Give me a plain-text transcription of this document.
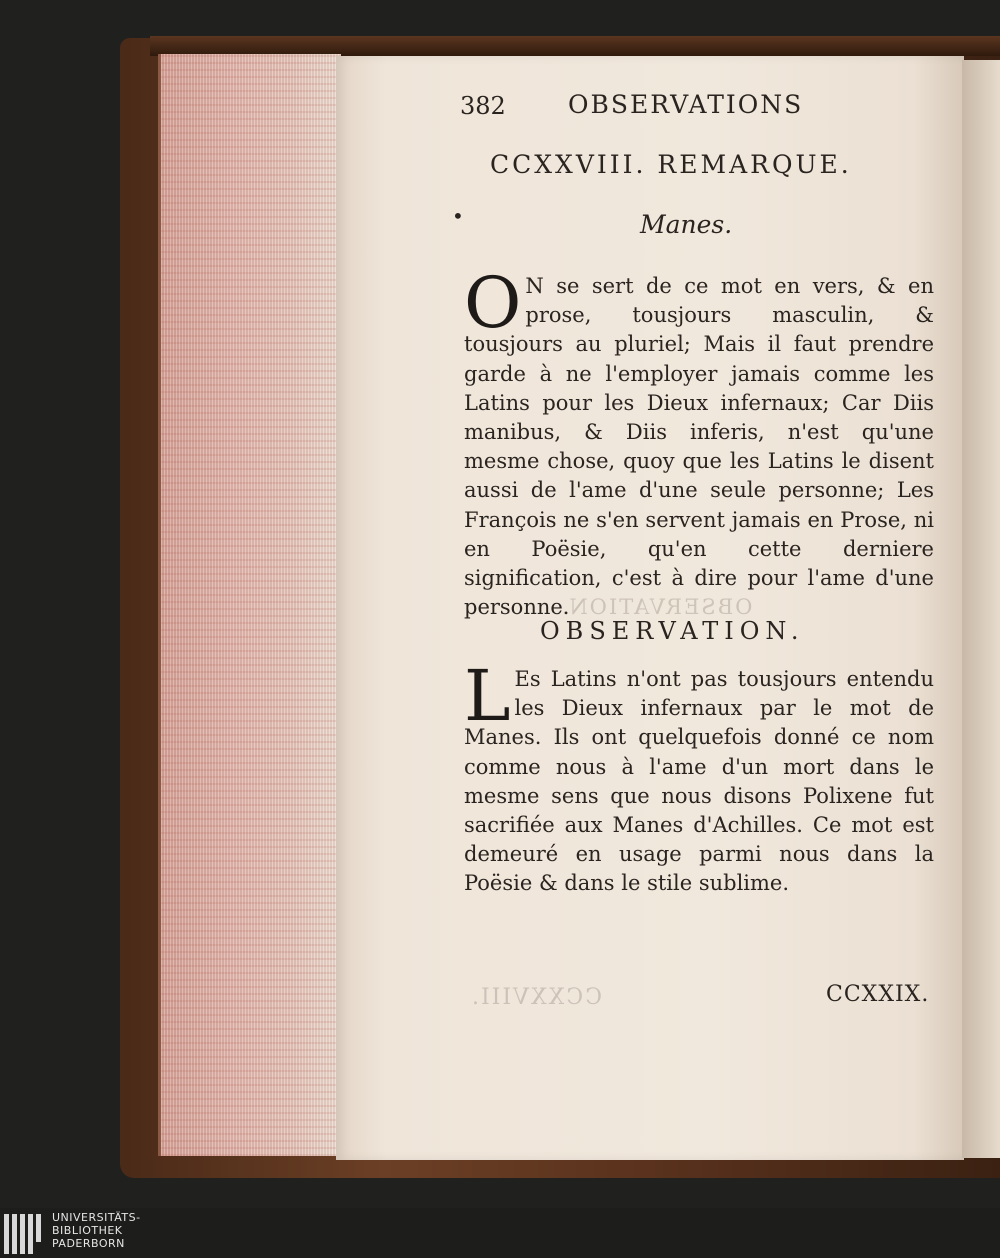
OBSERVATION.
CCXXVIII.
382 OBSERVATIONS
CCXXVIII. REMARQUE.
•	Manes.
O N se sert de ce mot en vers, & en prose, tousjours masculin, & tousjours au pluriel; Mais il faut prendre garde à ne l'employer jamais comme les Latins pour les Dieux infernaux; Car Diis manibus, & Diis inferis, n'est qu'une mesme chose, quoy que les Latins le disent aussi de l'ame d'une seule personne; Les François ne s'en servent jamais en Prose, ni en Poësie, qu'en cette derniere signification, c'est à dire pour l'ame d'une personne.
OBSERVATION.
L Es Latins n'ont pas tousjours entendu les Dieux infernaux par le mot de Manes. Ils ont quelquefois donné ce nom comme nous à l'ame d'un mort dans le mesme sens que nous disons Polixene fut sacrifiée aux Manes d'Achilles. Ce mot est demeuré en usage parmi nous dans la Poësie & dans le stile sublime.
CCXXIX.
UNIVERSITÄTS-
BIBLIOTHEK
PADERBORN
